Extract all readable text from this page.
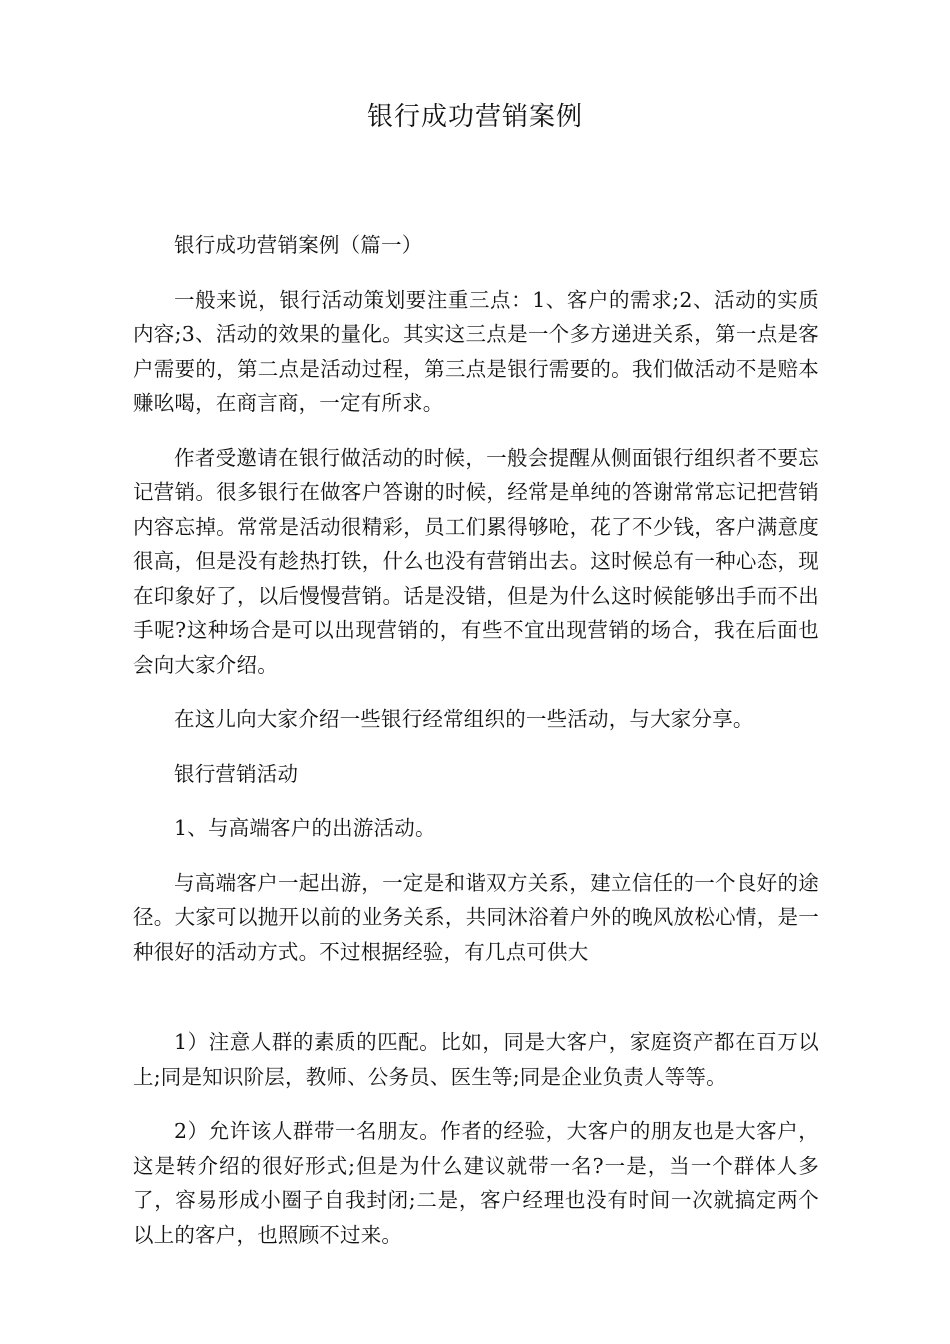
银行成功营销案例

银行成功营销案例（篇一）

一般来说，银行活动策划要注重三点：1、客户的需求;2、活动的实质内容;3、活动的效果的量化。其实这三点是一个多方递进关系，第一点是客户需要的，第二点是活动过程，第三点是银行需要的。我们做活动不是赔本赚吆喝，在商言商，一定有所求。

作者受邀请在银行做活动的时候，一般会提醒从侧面银行组织者不要忘记营销。很多银行在做客户答谢的时候，经常是单纯的答谢常常忘记把营销内容忘掉。常常是活动很精彩，员工们累得够呛，花了不少钱，客户满意度很高，但是没有趁热打铁，什么也没有营销出去。这时候总有一种心态，现在印象好了，以后慢慢营销。话是没错，但是为什么这时候能够出手而不出手呢?这种场合是可以出现营销的，有些不宜出现营销的场合，我在后面也会向大家介绍。

在这儿向大家介绍一些银行经常组织的一些活动，与大家分享。

银行营销活动

1、与高端客户的出游活动。

与高端客户一起出游，一定是和谐双方关系，建立信任的一个良好的途径。大家可以抛开以前的业务关系，共同沐浴着户外的晚风放松心情，是一种很好的活动方式。不过根据经验，有几点可供大

1）注意人群的素质的匹配。比如，同是大客户，家庭资产都在百万以上;同是知识阶层，教师、公务员、医生等;同是企业负责人等等。

2）允许该人群带一名朋友。作者的经验，大客户的朋友也是大客户，这是转介绍的很好形式;但是为什么建议就带一名?一是，当一个群体人多了，容易形成小圈子自我封闭;二是，客户经理也没有时间一次就搞定两个以上的客户，也照顾不过来。
